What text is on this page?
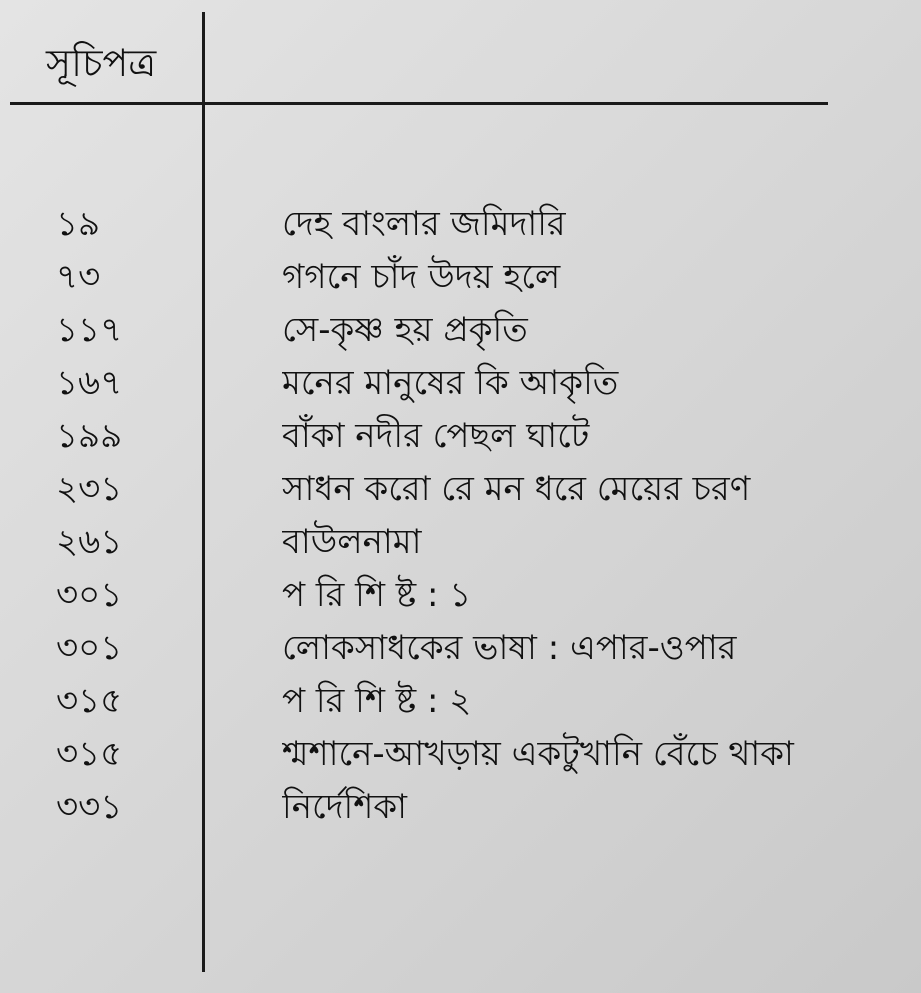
সূচিপত্র
১৯	দেহ বাংলার জমিদারি
৭৩	গগনে চাঁদ উদয় হলে
১১৭	সে-কৃষ্ণ হয় প্রকৃতি
১৬৭	মনের মানুষের কি আকৃতি
১৯৯	বাঁকা নদীর পেছল ঘাটে
২৩১	সাধন করো রে মন ধরে মেয়ের চরণ
২৬১	বাউলনামা
৩০১	প রি শি ষ্ট : ১
৩০১	লোকসাধকের ভাষা : এপার-ওপার
৩১৫	প রি শি ষ্ট : ২
৩১৫	শ্মশানে-আখড়ায় একটুখানি বেঁচে থাকা
৩৩১	নির্দেশিকা
